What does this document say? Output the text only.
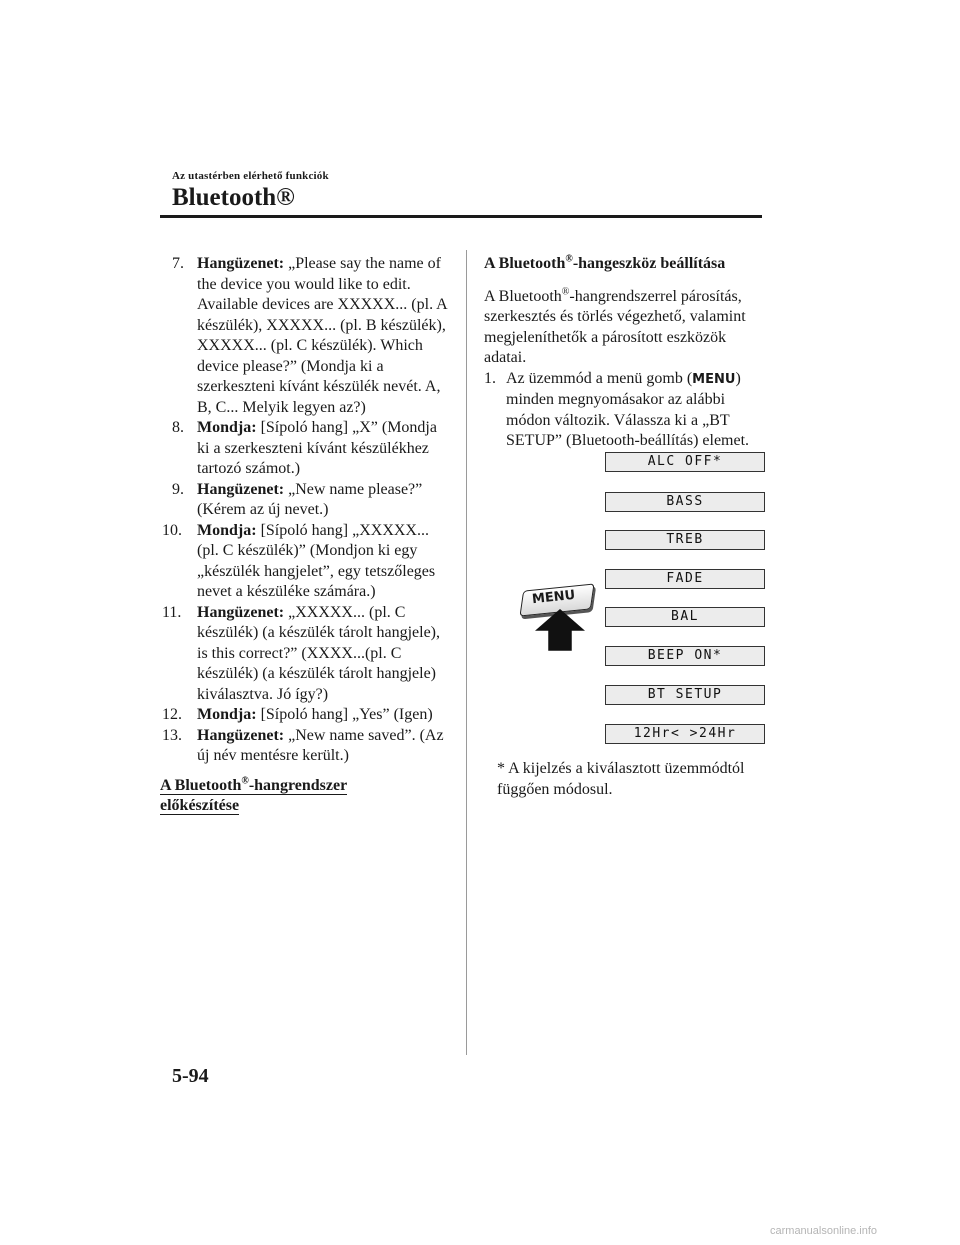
Az utastérben elérhető funkciók
Bluetooth®

7. Hangüzenet: „Please say the name of the device you would like to edit. Available devices are XXXXX... (pl. A készülék), XXXXX... (pl. B készülék), XXXXX... (pl. C készülék). Which device please?” (Mondja ki a szerkeszteni kívánt készülék nevét. A, B, C... Melyik legyen az?)

8. Mondja: [Sípoló hang] „X” (Mondja ki a szerkeszteni kívánt készülékhez tartozó számot.)

9. Hangüzenet: „New name please?” (Kérem az új nevet.)

10. Mondja: [Sípoló hang] „XXXXX... (pl. C készülék)” (Mondjon ki egy „készülék hangjelet”, egy tetszőleges nevet a készüléke számára.)

11. Hangüzenet: „XXXXX... (pl. C készülék) (a készülék tárolt hangjele), is this correct?” (XXXX...(pl. C készülék) (a készülék tárolt hangjele) kiválasztva. Jó így?)

12. Mondja: [Sípoló hang] „Yes” (Igen)

13. Hangüzenet: „New name saved”. (Az új név mentésre került.)

A Bluetooth®-hangrendszer
előkészítése

A Bluetooth®-hangeszköz beállítása

A Bluetooth®-hangrendszerrel párosítás, szerkesztés és törlés végezhető, valamint megjeleníthetők a párosított eszközök adatai.

1. Az üzemmód a menü gomb (MENU) minden megnyomásakor az alábbi módon változik. Válassza ki a „BT SETUP” (Bluetooth-beállítás) elemet.

ALC OFF*
BASS
TREB
FADE
BAL
BEEP ON*
BT SETUP
12Hr< >24Hr
MENU
* A kijelzés a kiválasztott üzemmódtól függően módosul.
5-94
carmanualsonline.info
